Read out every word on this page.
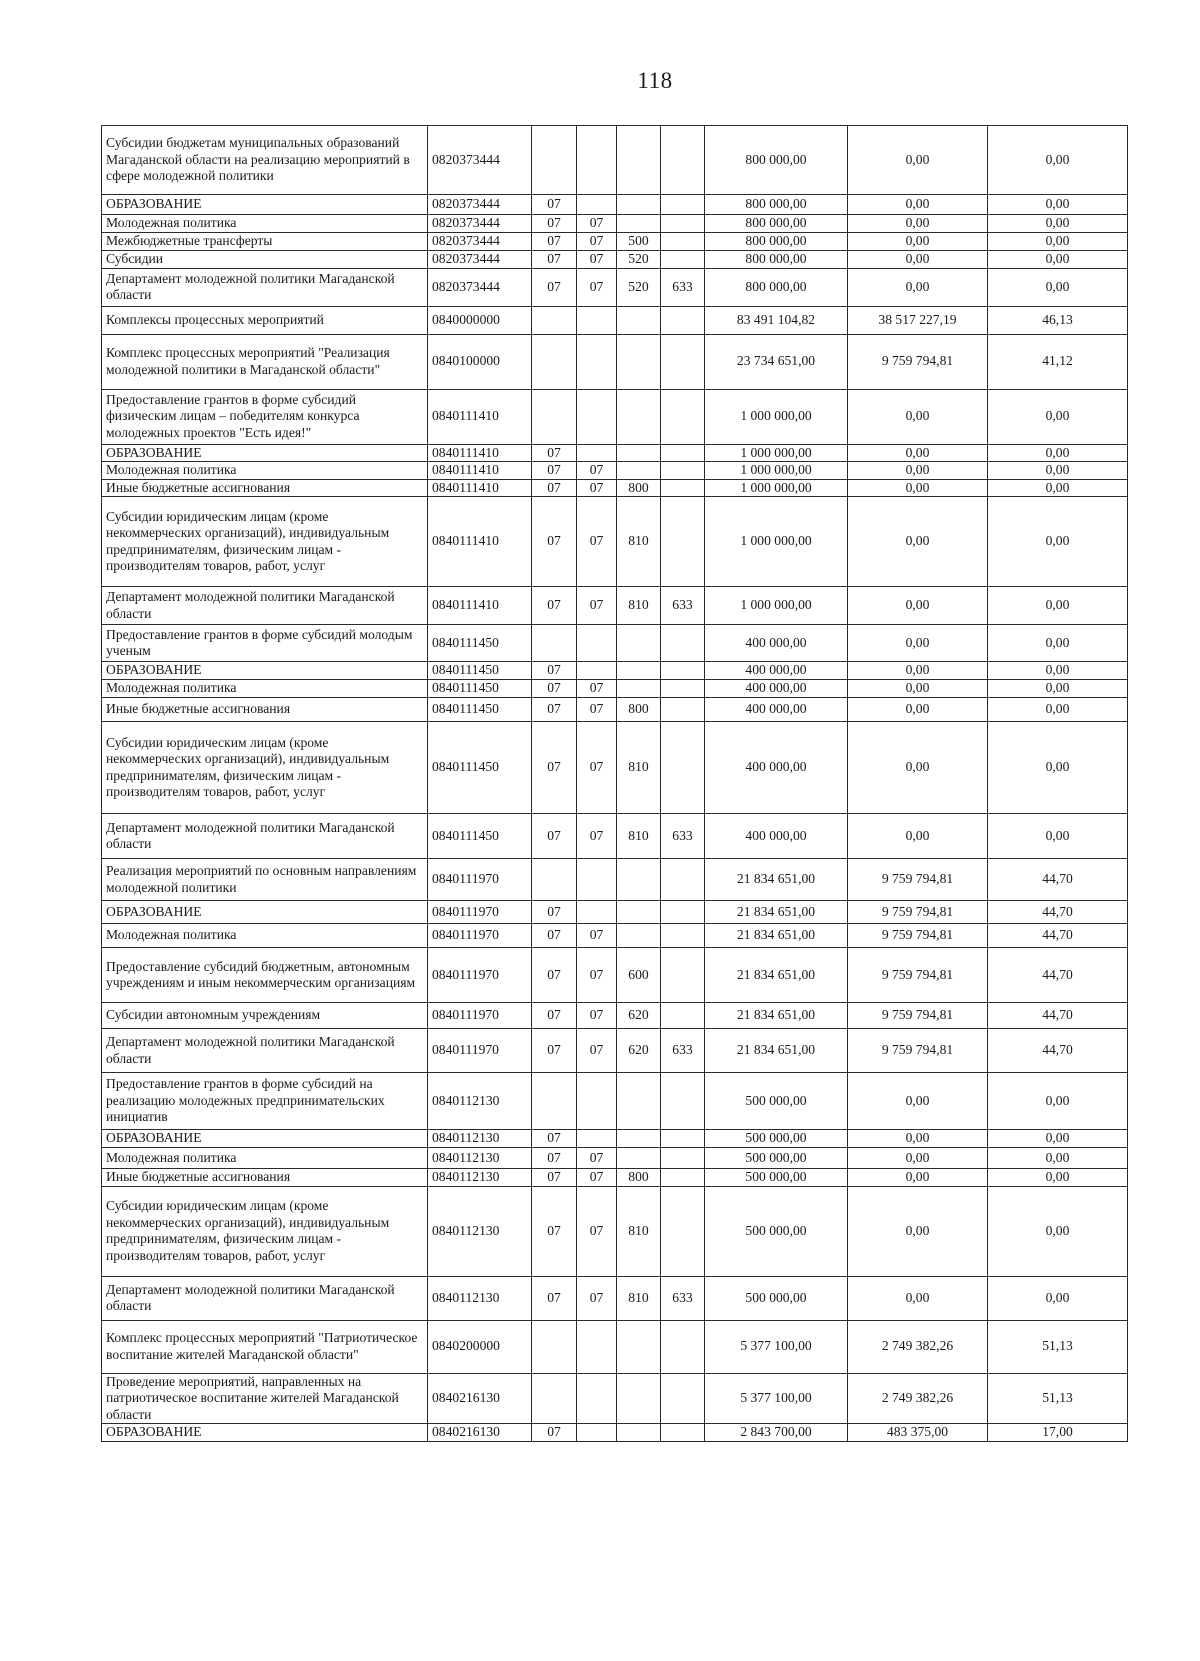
118
Субсидии бюджетам муниципальных образований Магаданской области на реализацию мероприятий в сфере молодежной политики	0820373444					800 000,00	0,00	0,00
ОБРАЗОВАНИЕ	0820373444	07				800 000,00	0,00	0,00
Молодежная политика	0820373444	07	07			800 000,00	0,00	0,00
Межбюджетные трансферты	0820373444	07	07	500		800 000,00	0,00	0,00
Субсидии	0820373444	07	07	520		800 000,00	0,00	0,00
Департамент молодежной политики Магаданской области	0820373444	07	07	520	633	800 000,00	0,00	0,00
Комплексы процессных мероприятий	0840000000					83 491 104,82	38 517 227,19	46,13
Комплекс процессных мероприятий "Реализация молодежной политики в Магаданской области"	0840100000					23 734 651,00	9 759 794,81	41,12
Предоставление грантов в форме субсидий физическим лицам – победителям конкурса молодежных проектов "Есть идея!"	0840111410					1 000 000,00	0,00	0,00
ОБРАЗОВАНИЕ	0840111410	07				1 000 000,00	0,00	0,00
Молодежная политика	0840111410	07	07			1 000 000,00	0,00	0,00
Иные бюджетные ассигнования	0840111410	07	07	800		1 000 000,00	0,00	0,00
Субсидии юридическим лицам (кроме некоммерческих организаций), индивидуальным предпринимателям, физическим лицам - производителям товаров, работ, услуг	0840111410	07	07	810		1 000 000,00	0,00	0,00
Департамент молодежной политики Магаданской области	0840111410	07	07	810	633	1 000 000,00	0,00	0,00
Предоставление грантов в форме субсидий молодым ученым	0840111450					400 000,00	0,00	0,00
ОБРАЗОВАНИЕ	0840111450	07				400 000,00	0,00	0,00
Молодежная политика	0840111450	07	07			400 000,00	0,00	0,00
Иные бюджетные ассигнования	0840111450	07	07	800		400 000,00	0,00	0,00
Субсидии юридическим лицам (кроме некоммерческих организаций), индивидуальным предпринимателям, физическим лицам - производителям товаров, работ, услуг	0840111450	07	07	810		400 000,00	0,00	0,00
Департамент молодежной политики Магаданской области	0840111450	07	07	810	633	400 000,00	0,00	0,00
Реализация мероприятий по основным направлениям молодежной политики	0840111970					21 834 651,00	9 759 794,81	44,70
ОБРАЗОВАНИЕ	0840111970	07				21 834 651,00	9 759 794,81	44,70
Молодежная политика	0840111970	07	07			21 834 651,00	9 759 794,81	44,70
Предоставление субсидий бюджетным, автономным учреждениям и иным некоммерческим организациям	0840111970	07	07	600		21 834 651,00	9 759 794,81	44,70
Субсидии автономным учреждениям	0840111970	07	07	620		21 834 651,00	9 759 794,81	44,70
Департамент молодежной политики Магаданской области	0840111970	07	07	620	633	21 834 651,00	9 759 794,81	44,70
Предоставление грантов в форме субсидий на реализацию молодежных предпринимательских инициатив	0840112130					500 000,00	0,00	0,00
ОБРАЗОВАНИЕ	0840112130	07				500 000,00	0,00	0,00
Молодежная политика	0840112130	07	07			500 000,00	0,00	0,00
Иные бюджетные ассигнования	0840112130	07	07	800		500 000,00	0,00	0,00
Субсидии юридическим лицам (кроме некоммерческих организаций), индивидуальным предпринимателям, физическим лицам - производителям товаров, работ, услуг	0840112130	07	07	810		500 000,00	0,00	0,00
Департамент молодежной политики Магаданской области	0840112130	07	07	810	633	500 000,00	0,00	0,00
Комплекс процессных мероприятий "Патриотическое воспитание жителей Магаданской области"	0840200000					5 377 100,00	2 749 382,26	51,13
Проведение мероприятий, направленных на патриотическое воспитание жителей Магаданской области	0840216130					5 377 100,00	2 749 382,26	51,13
ОБРАЗОВАНИЕ	0840216130	07				2 843 700,00	483 375,00	17,00
